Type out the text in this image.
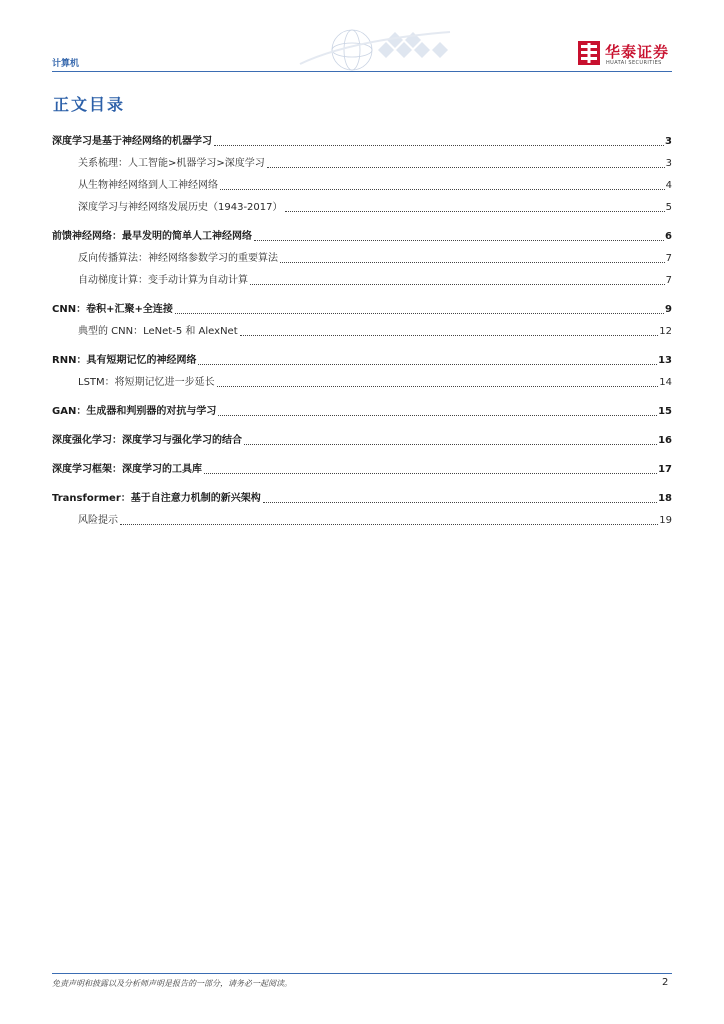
计算机
华泰证券
HUATAI SECURITIES
正文目录
深度学习是基于神经网络的机器学习	3
关系梳理：人工智能>机器学习>深度学习	3
从生物神经网络到人工神经网络	4
深度学习与神经网络发展历史（1943-2017）	5
前馈神经网络：最早发明的简单人工神经网络	6
反向传播算法：神经网络参数学习的重要算法	7
自动梯度计算：变手动计算为自动计算	7
CNN：卷积+汇聚+全连接	9
典型的 CNN：LeNet-5 和 AlexNet	12
RNN：具有短期记忆的神经网络	13
LSTM：将短期记忆进一步延长	14
GAN：生成器和判别器的对抗与学习	15
深度强化学习：深度学习与强化学习的结合	16
深度学习框架：深度学习的工具库	17
Transformer：基于自注意力机制的新兴架构	18
风险提示	19
免责声明和披露以及分析师声明是报告的一部分，请务必一起阅读。	2
